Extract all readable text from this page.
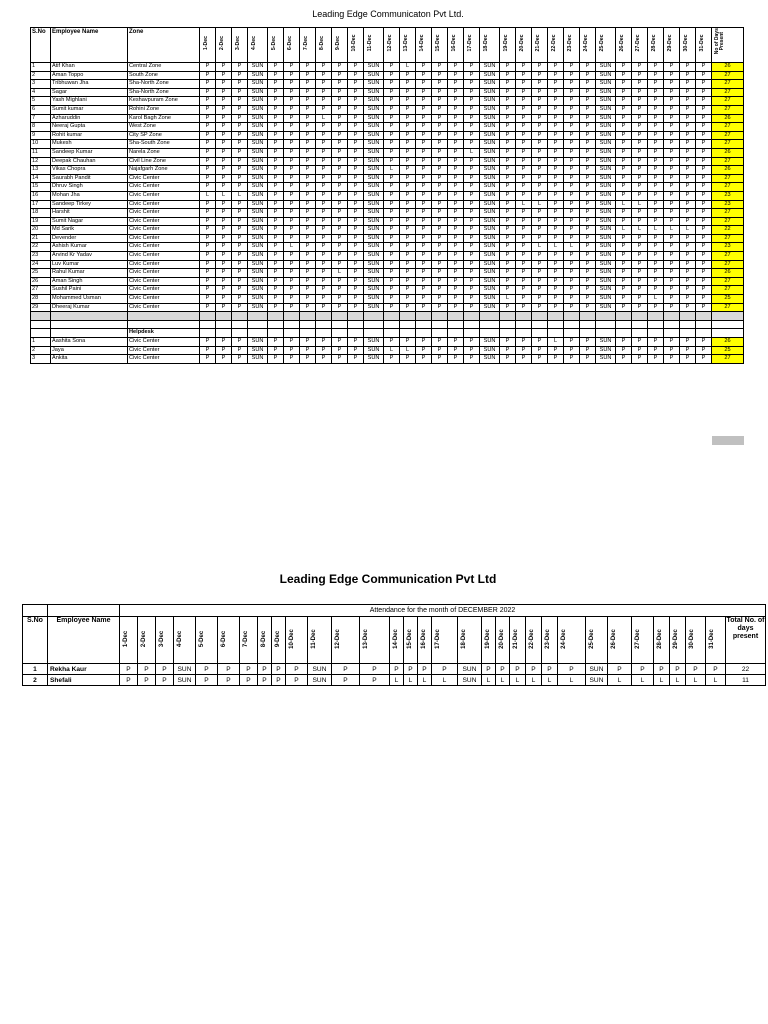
Leading Edge Communicaton Pvt Ltd.
S.No	Employee Name	Zone	1-Dec	2-Dec	3-Dec	4-Dec	5-Dec	6-Dec	7-Dec	8-Dec	9-Dec	10-Dec	11-Dec	12-Dec	13-Dec	14-Dec	15-Dec	16-Dec	17-Dec	18-Dec	19-Dec	20-Dec	21-Dec	22-Dec	23-Dec	24-Dec	25-Dec	26-Dec	27-Dec	28-Dec	29-Dec	30-Dec	31-Dec	No of Days Present

1	Atif Khan	Central Zone	P	P	P	SUN	P	P	P	P	P	P	SUN	P	L	P	P	P	P	SUN	P	P	P	P	P	P	SUN	P	P	P	P	P	P	26
2	Aman Toppo	South Zone	P	P	P	SUN	P	P	P	P	P	P	SUN	P	P	P	P	P	P	SUN	P	P	P	P	P	P	SUN	P	P	P	P	P	P	27
3	Tribhuwan Jha	Sha-North Zone	P	P	P	SUN	P	P	P	P	P	P	SUN	P	P	P	P	P	P	SUN	P	P	P	P	P	P	SUN	P	P	P	P	P	P	27
4	Sagar	Sha-North Zone	P	P	P	SUN	P	P	P	P	P	P	SUN	P	P	P	P	P	P	SUN	P	P	P	P	P	P	SUN	P	P	P	P	P	P	27
5	Yash Mighlani	Keshavpuram Zone	P	P	P	SUN	P	P	P	P	P	P	SUN	P	P	P	P	P	P	SUN	P	P	P	P	P	P	SUN	P	P	P	P	P	P	27
6	Sumit kumar	Rohini Zone	P	P	P	SUN	P	P	P	P	P	P	SUN	P	P	P	P	P	P	SUN	P	P	P	P	P	P	SUN	P	P	P	P	P	P	27
7	Azharuddin	Karol Bagh Zone	P	P	P	SUN	P	P	P	L	P	P	SUN	P	P	P	P	P	P	SUN	P	P	P	P	P	P	SUN	P	P	P	P	P	P	26
8	Neeraj Gupta	West Zone	P	P	P	SUN	P	P	P	P	P	P	SUN	P	P	P	P	P	P	SUN	P	P	P	P	P	P	SUN	P	P	P	P	P	P	27
9	Rohit kumar	City SP Zone	P	P	P	SUN	P	P	P	P	P	P	SUN	P	P	P	P	P	P	SUN	P	P	P	P	P	P	SUN	P	P	P	P	P	P	27
10	Mukesh	Sha-South Zone	P	P	P	SUN	P	P	P	P	P	P	SUN	P	P	P	P	P	P	SUN	P	P	P	P	P	P	SUN	P	P	P	P	P	P	27
11	Sandeep Kumar	Narela Zone	P	P	P	SUN	P	P	P	P	P	P	SUN	P	P	P	P	P	L	SUN	P	P	P	P	P	P	SUN	P	P	P	P	P	P	26
12	Deepak Chauhan	Civil Line Zone	P	P	P	SUN	P	P	P	P	P	P	SUN	P	P	P	P	P	P	SUN	P	P	P	P	P	P	SUN	P	P	P	P	P	P	27
13	Vikas Chopra	Najafgarh Zone	P	P	P	SUN	P	P	P	P	P	P	SUN	L	P	P	P	P	P	SUN	P	P	P	P	P	P	SUN	P	P	P	P	P	P	26
14	Saurabh Pandit	Civic Center	P	P	P	SUN	P	P	P	P	P	P	SUN	P	P	P	P	P	P	SUN	P	P	P	P	P	P	SUN	P	P	P	P	P	P	27
15	Dhruv Singh	Civic Center	P	P	P	SUN	P	P	P	P	P	P	SUN	P	P	P	P	P	P	SUN	P	P	P	P	P	P	SUN	P	P	P	P	P	P	27
16	Mohan Jha	Civic Center	L	L	L	SUN	P	P	P	P	P	P	SUN	P	P	P	P	P	P	SUN	P	P	P	P	P	P	SUN	P	P	P	P	P	P	23
17	Sandeep Tirkey	Civic Center	P	P	P	SUN	P	P	P	P	P	P	SUN	P	P	P	P	P	P	SUN	P	L	L	P	P	P	SUN	L	L	P	P	P	P	23
18	Harshit	Civic Center	P	P	P	SUN	P	P	P	P	P	P	SUN	P	P	P	P	P	P	SUN	P	P	P	P	P	P	SUN	P	P	P	P	P	P	27
19	Sumit Nagar	Civic Center	P	P	P	SUN	P	P	P	P	P	P	SUN	P	P	P	P	P	P	SUN	P	P	P	P	P	P	SUN	P	P	P	P	P	P	27
20	Md Sarik	Civic Center	P	P	P	SUN	P	P	P	P	P	P	SUN	P	P	P	P	P	P	SUN	P	P	P	P	P	P	SUN	L	L	L	L	L	P	22
21	Devender	Civic Center	P	P	P	SUN	P	P	P	P	P	P	SUN	P	P	P	P	P	P	SUN	P	P	P	P	P	P	SUN	P	P	P	P	P	P	27
22	Ashish Kumar	Civic Center	P	P	P	SUN	P	L	P	P	P	P	SUN	P	P	P	P	P	P	SUN	P	P	L	L	L	P	SUN	P	P	P	P	P	P	23
23	Arvind Kr Yadav	Civic Center	P	P	P	SUN	P	P	P	P	P	P	SUN	P	P	P	P	P	P	SUN	P	P	P	P	P	P	SUN	P	P	P	P	P	P	27
24	Luv Kumar	Civic Center	P	P	P	SUN	P	P	P	P	P	P	SUN	P	P	P	P	P	P	SUN	P	P	P	P	P	P	SUN	P	P	P	P	P	P	27
25	Rahul Kumar	Civic Center	P	P	P	SUN	P	P	P	P	L	P	SUN	P	P	P	P	P	P	SUN	P	P	P	P	P	P	SUN	P	P	P	P	P	P	26
26	Aman Singh	Civic Center	P	P	P	SUN	P	P	P	P	P	P	SUN	P	P	P	P	P	P	SUN	P	P	P	P	P	P	SUN	P	P	P	P	P	P	27
27	Sushil Paini	Civic Center	P	P	P	SUN	P	P	P	P	P	P	SUN	P	P	P	P	P	P	SUN	P	P	P	P	P	P	SUN	P	P	P	P	P	P	27
28	Mohammed Usman	Civic Center	P	P	P	SUN	P	P	P	P	P	P	SUN	P	P	P	P	P	P	SUN	L	P	P	P	P	P	SUN	P	P	L	P	P	P	25
29	Dheeraj Kumar	Civic Center	P	P	P	SUN	P	P	P	P	P	P	SUN	P	P	P	P	P	P	SUN	P	P	P	P	P	P	SUN	P	P	P	P	P	P	27

		Helpdesk																																
1	Aashita Sona	Civic Center	P	P	P	SUN	P	P	P	P	P	P	SUN	P	P	P	P	P	P	SUN	P	P	P	L	P	P	SUN	P	P	P	P	P	P	26
2	Jaya	Civic Center	P	P	P	SUN	P	P	P	P	P	P	SUN	L	L	P	P	P	P	SUN	P	P	P	P	P	P	SUN	P	P	P	P	P	P	25
3	Ankita	Civic Center	P	P	P	SUN	P	P	P	P	P	P	SUN	P	P	P	P	P	P	SUN	P	P	P	P	P	P	SUN	P	P	P	P	P	P	27
Leading Edge Communication Pvt Ltd
		Attendance for the month of DECEMBER 2022																															
S.No	Employee Name	1-Dec	2-Dec	3-Dec	4-Dec	5-Dec	6-Dec	7-Dec	8-Dec	9-Dec	10-Dec	11-Dec	12-Dec	13-Dec	14-Dec	15-Dec	16-Dec	17-Dec	18-Dec	19-Dec	20-Dec	21-Dec	22-Dec	23-Dec	24-Dec	25-Dec	26-Dec	27-Dec	28-Dec	29-Dec	30-Dec	31-Dec	Total No. of days present
1	Rekha Kaur	P	P	P	SUN	P	P	P	P	P	P	SUN	P	P	P	P	P	P	SUN	P	P	P	P	P	P	SUN	P	P	P	P	P	P	22
2	Shefali	P	P	P	SUN	P	P	P	P	P	P	SUN	P	P	L	L	L	L	SUN	L	L	L	L	L	L	SUN	L	L	L	L	L	L	11
